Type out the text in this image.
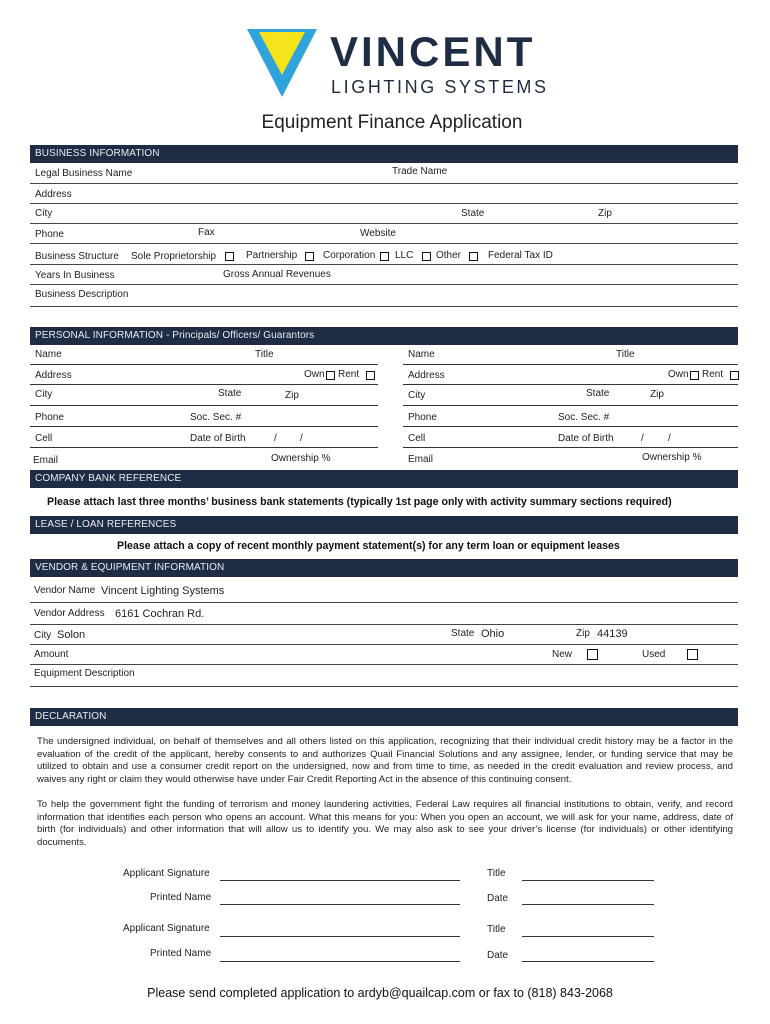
VINCENT
LIGHTING SYSTEMS
Equipment Finance Application
BUSINESS INFORMATION
Legal Business Name	Trade Name
Address
City	State	Zip
Phone	Fax	Website
Business Structure Sole Proprietorship	Partnership	Corporation LLC Other	Federal Tax ID
Years In Business	Gross Annual Revenues
Business Description
PERSONAL INFORMATION - Principals/ Officers/ Guarantors
Name	Title	Name	Title
Address	Own Rent	Address	Own Rent
City	State	Zip	City	State	Zip
Phone	Soc. Sec. #	Phone	Soc. Sec. #
Cell	Date of Birth	/ /	Cell	Date of Birth	/ /
Email	Ownership %	Email	Ownership %
COMPANY BANK REFERENCE
Please attach last three months’ business bank statements (typically 1st page only with activity summary sections required)
LEASE / LOAN REFERENCES
Please attach a copy of recent monthly payment statement(s) for any term loan or equipment leases
VENDOR & EQUIPMENT INFORMATION
Vendor Name Vincent Lighting Systems
Vendor Address 6161 Cochran Rd.
City Solon	State Ohio	Zip 44139
Amount	New	Used
Equipment Description
DECLARATION
The undersigned individual, on behalf of themselves and all others listed on this application, recognizing that their individual credit history may be a factor in the evaluation of the credit of the applicant, hereby consents to and authorizes Quail Financial Solutions and any assignee, lender, or funding service that may be utilized to obtain and use a consumer credit report on the undersigned, now and from time to time, as needed in the credit evaluation and review process, and waives any right or claim they would otherwise have under Fair Credit Reporting Act in the absence of this continuing consent.
To help the government fight the funding of terrorism and money laundering activities, Federal Law requires all financial institutions to obtain, verify, and record information that identifies each person who opens an account. What this means for you: When you open an account, we will ask for your name, address, date of birth (for individuals) and other information that will allow us to identify you. We may also ask to see your driver’s license (for individuals) or other identifying documents.
Applicant Signature	Title
Printed Name	Date
Applicant Signature	Title
Printed Name	Date
Please send completed application to ardyb@quailcap.com or fax to (818) 843-2068
